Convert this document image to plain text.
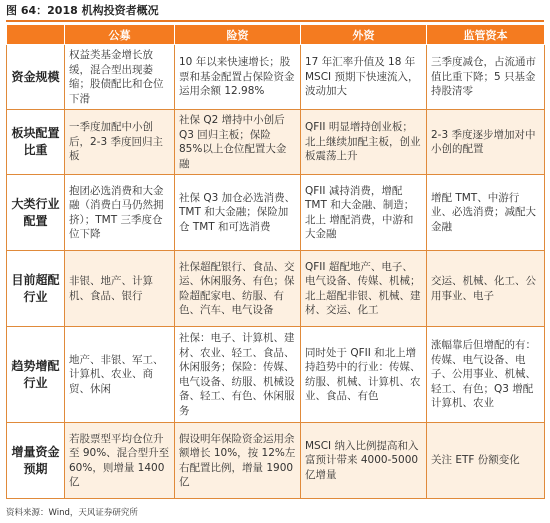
图 64：2018 机构投资者概况
	公募	险资	外资	监管资本
资金规模	权益类基金增长放缓，混合型出现萎缩；股债配比和仓位下滑	10 年以来快速增长；股票和基金配置占保险资金运用余额 12.98%	17 年汇率升值及 18 年 MSCI 预期下快速流入，波动加大	三季度减仓，占流通市值比重下降；5 只基金持股清零
板块配置比重	一季度加配中小创后，2-3 季度回归主板	社保 Q2 增持中小创后 Q3 回归主板；保险 85%以上仓位配置大金融	QFII 明显增持创业板；北上继续加配主板，创业板震荡上升	2-3 季度逐步增加对中小创的配置
大类行业配置	抱团必选消费和大金融（消费白马仍然拥挤）；TMT 三季度仓位下降	社保 Q3 加仓必选消费、TMT 和大金融；保险加仓 TMT 和可选消费	QFII 减持消费，增配 TMT 和大金融、制造；北上 增配消费，中游和大金融	增配 TMT、中游行业、必选消费；减配大金融
目前超配行业	非银、地产、计算机、食品、银行	社保超配银行、食品、交运、休闲服务、有色；保险超配家电、纺服、有色、汽车、电气设备	QFII 超配地产、电子、电气设备、传媒、机械；北上超配非银、机械、建材、交运、化工	交运、机械、化工、公用事业、电子
趋势增配行业	地产、非银、军工、计算机、农业、商贸、休闲	社保：电子、计算机、建材、农业、轻工、食品、休闲服务；保险：传媒、电气设备、纺服、机械设备、轻工、有色、休闲服务	同时处于 QFII 和北上增持趋势中的行业：传媒、纺服、机械、计算机、农业、食品、有色	涨幅靠后但增配的有：传媒、电气设备、电子、公用事业、机械、轻工、有色；Q3 增配计算机、农业
增量资金预期	若股票型平均仓位升至 90%、混合型升至 60%，则增量 1400 亿	假设明年保险资金运用余额增长 10%，按 12%左右配置比例，增量 1900 亿	MSCI 纳入比例提高和入富预计带来 4000-5000 亿增量	关注 ETF 份额变化
资料来源：Wind，天风证券研究所
